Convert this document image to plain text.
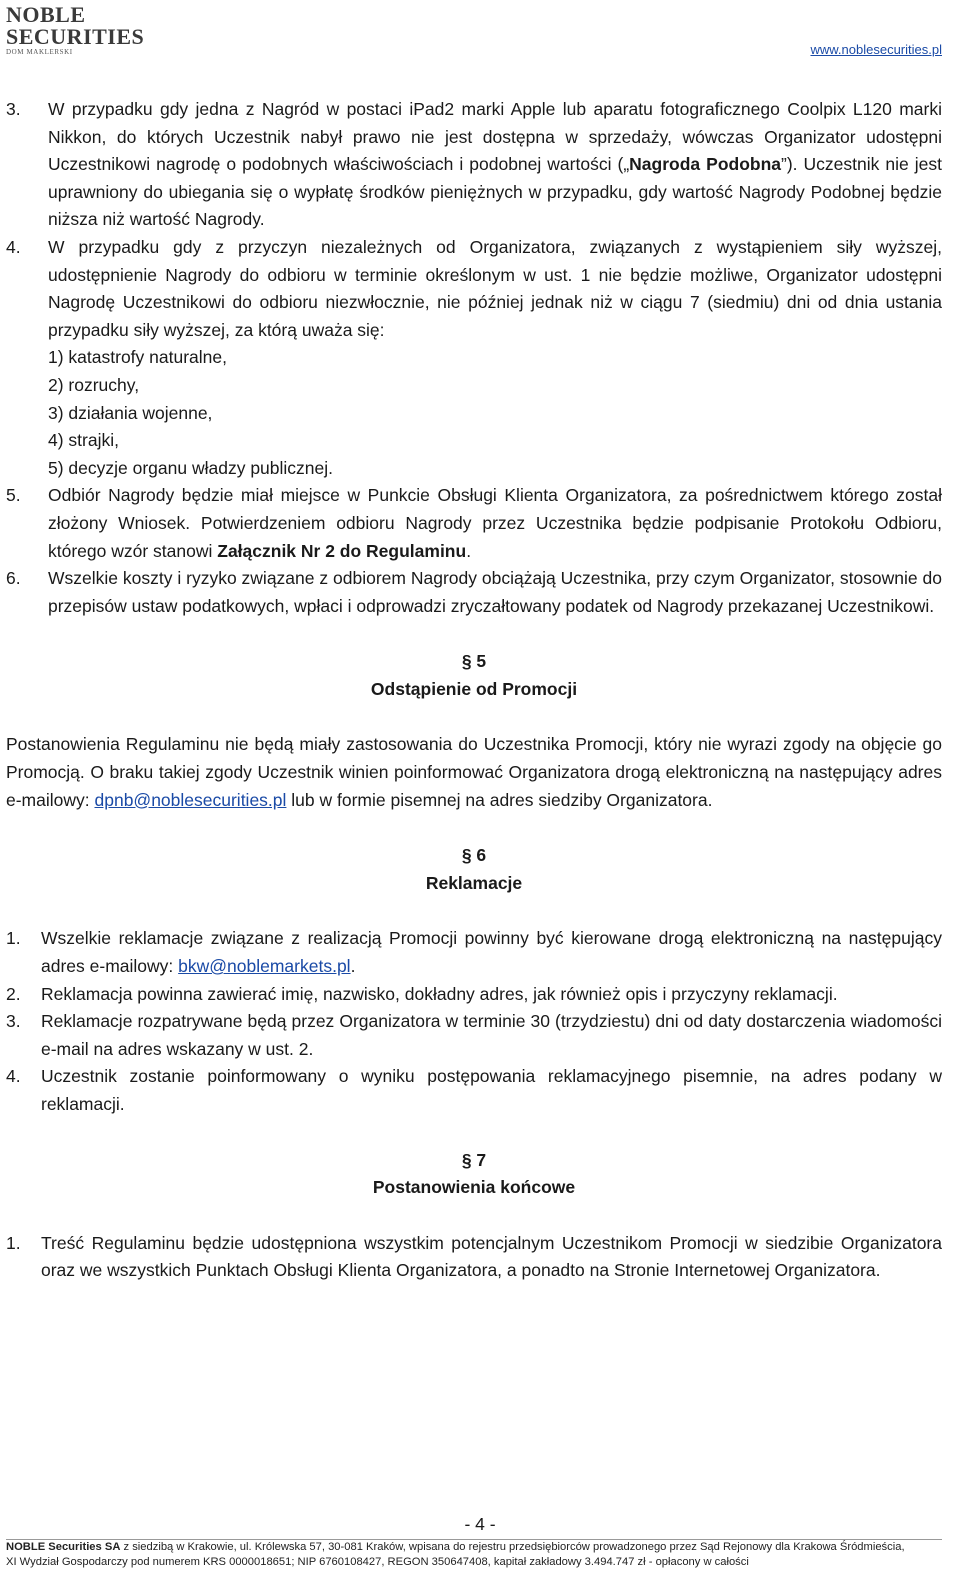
NOBLE
SECURITIES
DOM MAKLERSKI	www.noblesecurities.pl
3. W przypadku gdy jedna z Nagród w postaci iPad2 marki Apple lub aparatu fotograficznego Coolpix L120 marki Nikkon, do których Uczestnik nabył prawo nie jest dostępna w sprzedaży, wówczas Organizator udostępni Uczestnikowi nagrodę o podobnych właściwościach i podobnej wartości („Nagroda Podobna”). Uczestnik nie jest uprawniony do ubiegania się o wypłatę środków pieniężnych w przypadku, gdy wartość Nagrody Podobnej będzie niższa niż wartość Nagrody.
4. W przypadku gdy z przyczyn niezależnych od Organizatora, związanych z wystąpieniem siły wyższej, udostępnienie Nagrody do odbioru w terminie określonym w ust. 1 nie będzie możliwe, Organizator udostępni Nagrodę Uczestnikowi do odbioru niezwłocznie, nie później jednak niż w ciągu 7 (siedmiu) dni od dnia ustania przypadku siły wyższej, za którą uważa się:
1) katastrofy naturalne,
2) rozruchy,
3) działania wojenne,
4) strajki,
5) decyzje organu władzy publicznej.
5. Odbiór Nagrody będzie miał miejsce w Punkcie Obsługi Klienta Organizatora, za pośrednictwem którego został złożony Wniosek. Potwierdzeniem odbioru Nagrody przez Uczestnika będzie podpisanie Protokołu Odbioru, którego wzór stanowi Załącznik Nr 2 do Regulaminu.
6. Wszelkie koszty i ryzyko związane z odbiorem Nagrody obciążają Uczestnika, przy czym Organizator, stosownie do przepisów ustaw podatkowych, wpłaci i odprowadzi zryczałtowany podatek od Nagrody przekazanej Uczestnikowi.
§ 5
Odstąpienie od Promocji

Postanowienia Regulaminu nie będą miały zastosowania do Uczestnika Promocji, który nie wyrazi zgody na objęcie go Promocją. O braku takiej zgody Uczestnik winien poinformować Organizatora drogą elektroniczną na następujący adres e-mailowy: dpnb@noblesecurities.pl lub w formie pisemnej na adres siedziby Organizatora.

§ 6
Reklamacje
1. Wszelkie reklamacje związane z realizacją Promocji powinny być kierowane drogą elektroniczną na następujący adres e-mailowy: bkw@noblemarkets.pl.
2. Reklamacja powinna zawierać imię, nazwisko, dokładny adres, jak również opis i przyczyny reklamacji.
3. Reklamacje rozpatrywane będą przez Organizatora w terminie 30 (trzydziestu) dni od daty dostarczenia wiadomości e-mail na adres wskazany w ust. 2.
4. Uczestnik zostanie poinformowany o wyniku postępowania reklamacyjnego pisemnie, na adres podany w reklamacji.
§ 7
Postanowienia końcowe
1. Treść Regulaminu będzie udostępniona wszystkim potencjalnym Uczestnikom Promocji w siedzibie Organizatora oraz we wszystkich Punktach Obsługi Klienta Organizatora, a ponadto na Stronie Internetowej Organizatora.
- 4 -
NOBLE Securities SA z siedzibą w Krakowie, ul. Królewska 57, 30-081 Kraków, wpisana do rejestru przedsiębiorców prowadzonego przez Sąd Rejonowy dla Krakowa Śródmieścia,
XI Wydział Gospodarczy pod numerem KRS 0000018651; NIP 6760108427, REGON 350647408, kapitał zakładowy 3.494.747 zł - opłacony w całości
